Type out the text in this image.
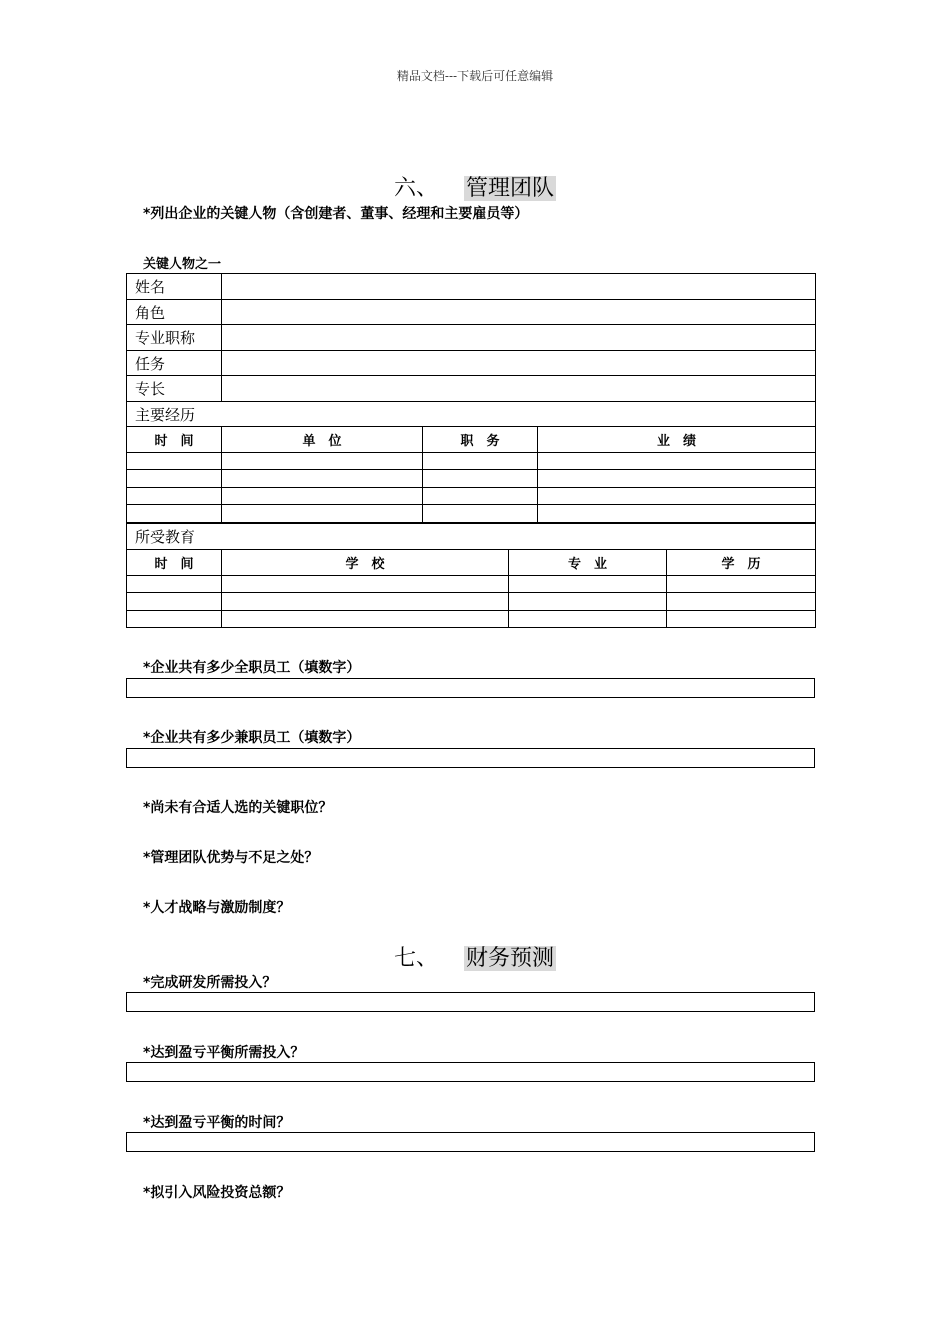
精品文档---下载后可任意编辑
六、 管理团队
*列出企业的关键人物（含创建者、董事、经理和主要雇员等）
关键人物之一
姓名			
角色			
专业职称			
任务			
专长			
主要经历			
时　间	单　位	职　务	业　绩

所受教育			
时　间	学　校	专　业	学　历

*企业共有多少全职员工（填数字）
*企业共有多少兼职员工（填数字）
*尚未有合适人选的关键职位？
*管理团队优势与不足之处？
*人才战略与激励制度？
七、 财务预测
*完成研发所需投入？
*达到盈亏平衡所需投入？
*达到盈亏平衡的时间？
*拟引入风险投资总额？
